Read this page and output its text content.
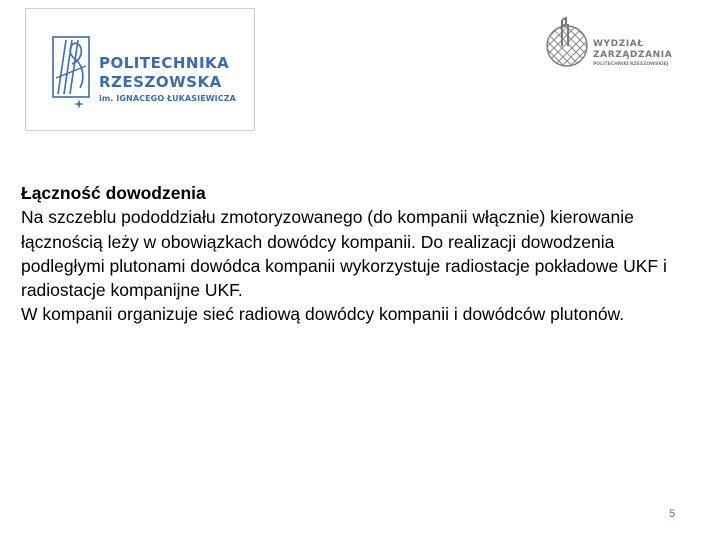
POLITECHNIKA
RZESZOWSKA
im. IGNACEGO ŁUKASIEWICZA
WYDZIAŁ
ZARZĄDZANIA
POLITECHNIKI RZESZOWSKIEJ
Łączność dowodzenia

Na szczeblu pododdziału zmotoryzowanego (do kompanii włącznie) kierowanie łącznością leży w obowiązkach dowódcy kompanii. Do realizacji dowodzenia podległymi plutonami dowódca kompanii wykorzystuje radiostacje pokładowe UKF i radiostacje kompanijne UKF.

W kompanii organizuje sieć radiową dowódcy kompanii i dowódców plutonów.

5
